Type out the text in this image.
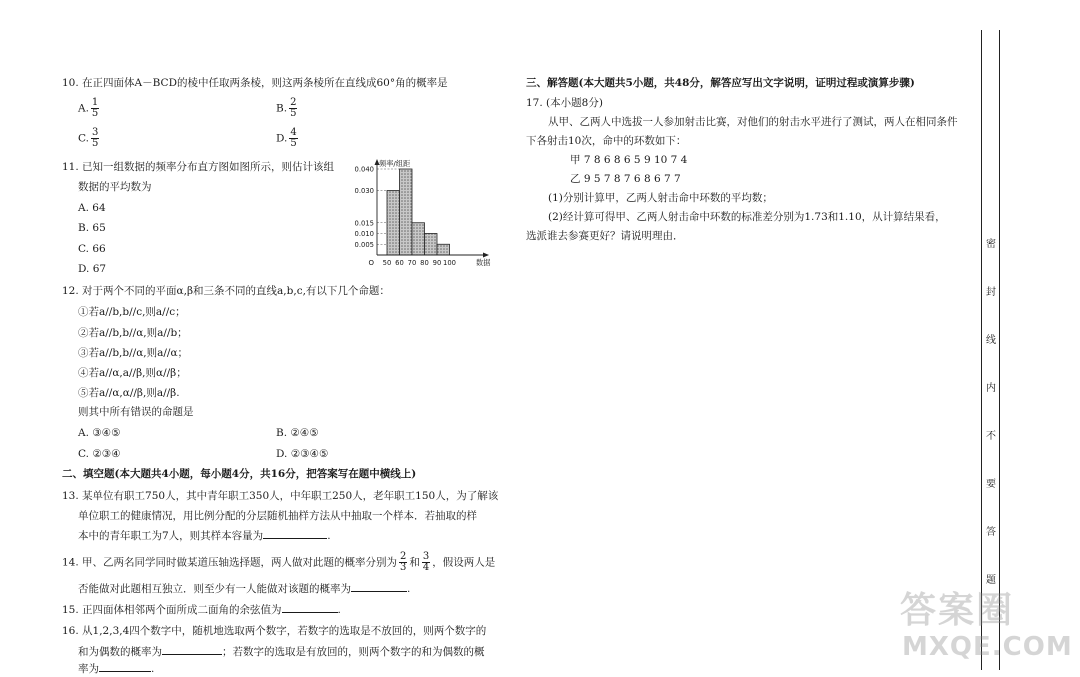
10. 在正四面体A－BCD的棱中任取两条棱，则这两条棱所在直线成60°角的概率是
A. $\frac{1}{5}$	B. $\frac{2}{5}$
C. $\frac{3}{5}$	D. $\frac{4}{5}$
11. 已知一组数据的频率分布直方图如图所示，则估计该组
数据的平均数为
A. 64
B. 65
C. 66
D. 67
0.040
0.030
0.015
0.010
0.005
50 60 70 80 90 100
O
频率/组距
数据
12. 对于两个不同的平面α,β和三条不同的直线a,b,c,有以下几个命题：
①若a//b,b//c,则a//c；
②若a//b,b//α,则a//b；
③若a//b,b//α,则a//α；
④若a//α,a//β,则α//β；
⑤若a//α,α//β,则a//β.
则其中所有错误的命题是
A. ③④⑤	B. ②④⑤
C. ②③④	D. ②③④⑤
二、填空题(本大题共4小题，每小题4分，共16分，把答案写在题中横线上)
13. 某单位有职工750人，其中青年职工350人，中年职工250人，老年职工150人，为了解该
单位职工的健康情况，用比例分配的分层随机抽样方法从中抽取一个样本．若抽取的样
本中的青年职工为7人，则其样本容量为	.
14. 甲、乙两名同学同时做某道压轴选择题，两人做对此题的概率分别为 $\frac{2}{3}$ 和 $\frac{3}{4}$ ，假设两人是
否能做对此题相互独立．则至少有一人能做对该题的概率为	.
15. 正四面体相邻两个面所成二面角的余弦值为	.
16. 从1,2,3,4四个数字中，随机地选取两个数字，若数字的选取是不放回的，则两个数字的
和为偶数的概率为	；若数字的选取是有放回的，则两个数字的和为偶数的概
率为	.
三、解答题(本大题共5小题，共48分，解答应写出文字说明，证明过程或演算步骤)
17. (本小题8分)
从甲、乙两人中选拔一人参加射击比赛，对他们的射击水平进行了测试，两人在相同条件
下各射击10次，命中的环数如下：
甲 7 8 6 8 6 5 9 10 7 4
乙 9 5 7 8 7 6 8 6 7 7
(1)分别计算甲，乙两人射击命中环数的平均数；
(2)经计算可得甲、乙两人射击命中环数的标准差分别为1.73和1.10，从计算结果看，
选派谁去参赛更好？请说明理由．
密
封
线
内
不
要
答
题
答案圈
MXQE.COM
